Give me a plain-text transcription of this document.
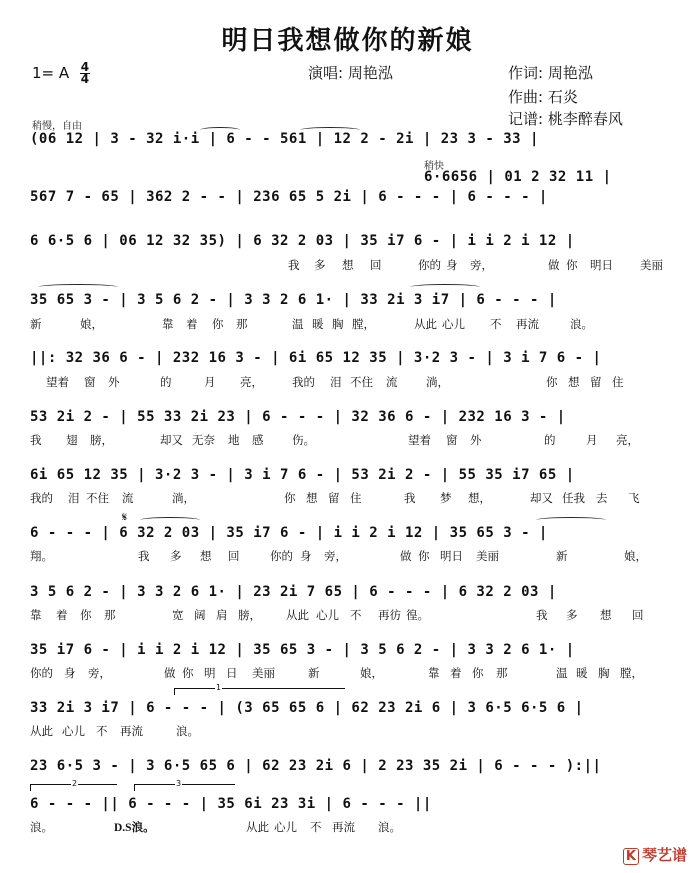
明日我想做你的新娘
1= A $\frac{4}{4}$	演唱: 周艳泓	作词: 周艳泓
作曲: 石炎
记谱: 桃李醉春风
稍慢，自由
稍快
(06 12 | 3 - 32 i·i | 6 - - 561 | 12 2 - 2i | 23 3 - 33 |
6·6656 | 01 2 32 11 |
567 7 - 65 | 362 2 - - | 236 65 5 2i | 6 - - - | 6 - - - |
6 6·5 6 | 06 12 32 35) | 6 32 2 03 | 35 i7 6 - | i i 2 i 12 |
35 65 3 - | 3 5 6 2 - | 3 3 2 6 1· | 33 2i 3 i7 | 6 - - - |
||: 32 36 6 - | 232 16 3 - | 6i 65 12 35 | 3·2 3 - | 3 i 7 6 - |
53 2i 2 - | 55 33 2i 23 | 6 - - - | 32 36 6 - | 232 16 3 - |
6i 65 12 35 | 3·2 3 - | 3 i 7 6 - | 53 2i 2 - | 55 35 i7 65 |
6 - - - | 6 32 2 03 | 35 i7 6 - | i i 2 i 12 | 35 65 3 - |
3 5 6 2 - | 3 3 2 6 1· | 23 2i 7 65 | 6 - - - | 6 32 2 03 |
35 i7 6 - | i i 2 i 12 | 35 65 3 - | 3 5 6 2 - | 3 3 2 6 1· |
33 2i 3 i7 | 6 - - - | (3 65 65 6 | 62 23 2i 6 | 3 6·5 6·5 6 |
23 6·5 3 - | 3 6·5 65 6 | 62 23 2i 6 | 2 23 35 2i | 6 - - - ):||
6 - - - || 6 - - - | 35 6i 23 3i | 6 - - - ||
𝄋
1
2	3
我 多 想 回	你的 身 旁，	做 你 明日 美丽
新	娘，	靠 着 你 那	温 暖 胸 膛，	从此 心儿 不 再流	浪。
望着 窗 外	的	月 亮，	我的 泪 不住 流 淌，	你 想 留 住
我 翅 膀，	却又 无奈 地 感 伤。	望着 窗 外	的	月 亮，
我的 泪 不住 流	淌，	你 想 留 住	我 梦 想，	却又 任我 去 飞
翔。	我 多 想 回	你的 身 旁，	做 你 明日 美丽	新	娘，
靠 着 你 那	宽 阔 肩 膀， 从此 心儿 不 再彷 徨。	我 多 想 回
你的 身 旁，	做 你 明 日 美丽	新	娘，	靠 着 你 那	温 暖 胸 膛，
从此 心儿 不 再流	浪。
浪。	D.S浪。	从此 心儿 不 再流 浪。
K 琴艺谱
